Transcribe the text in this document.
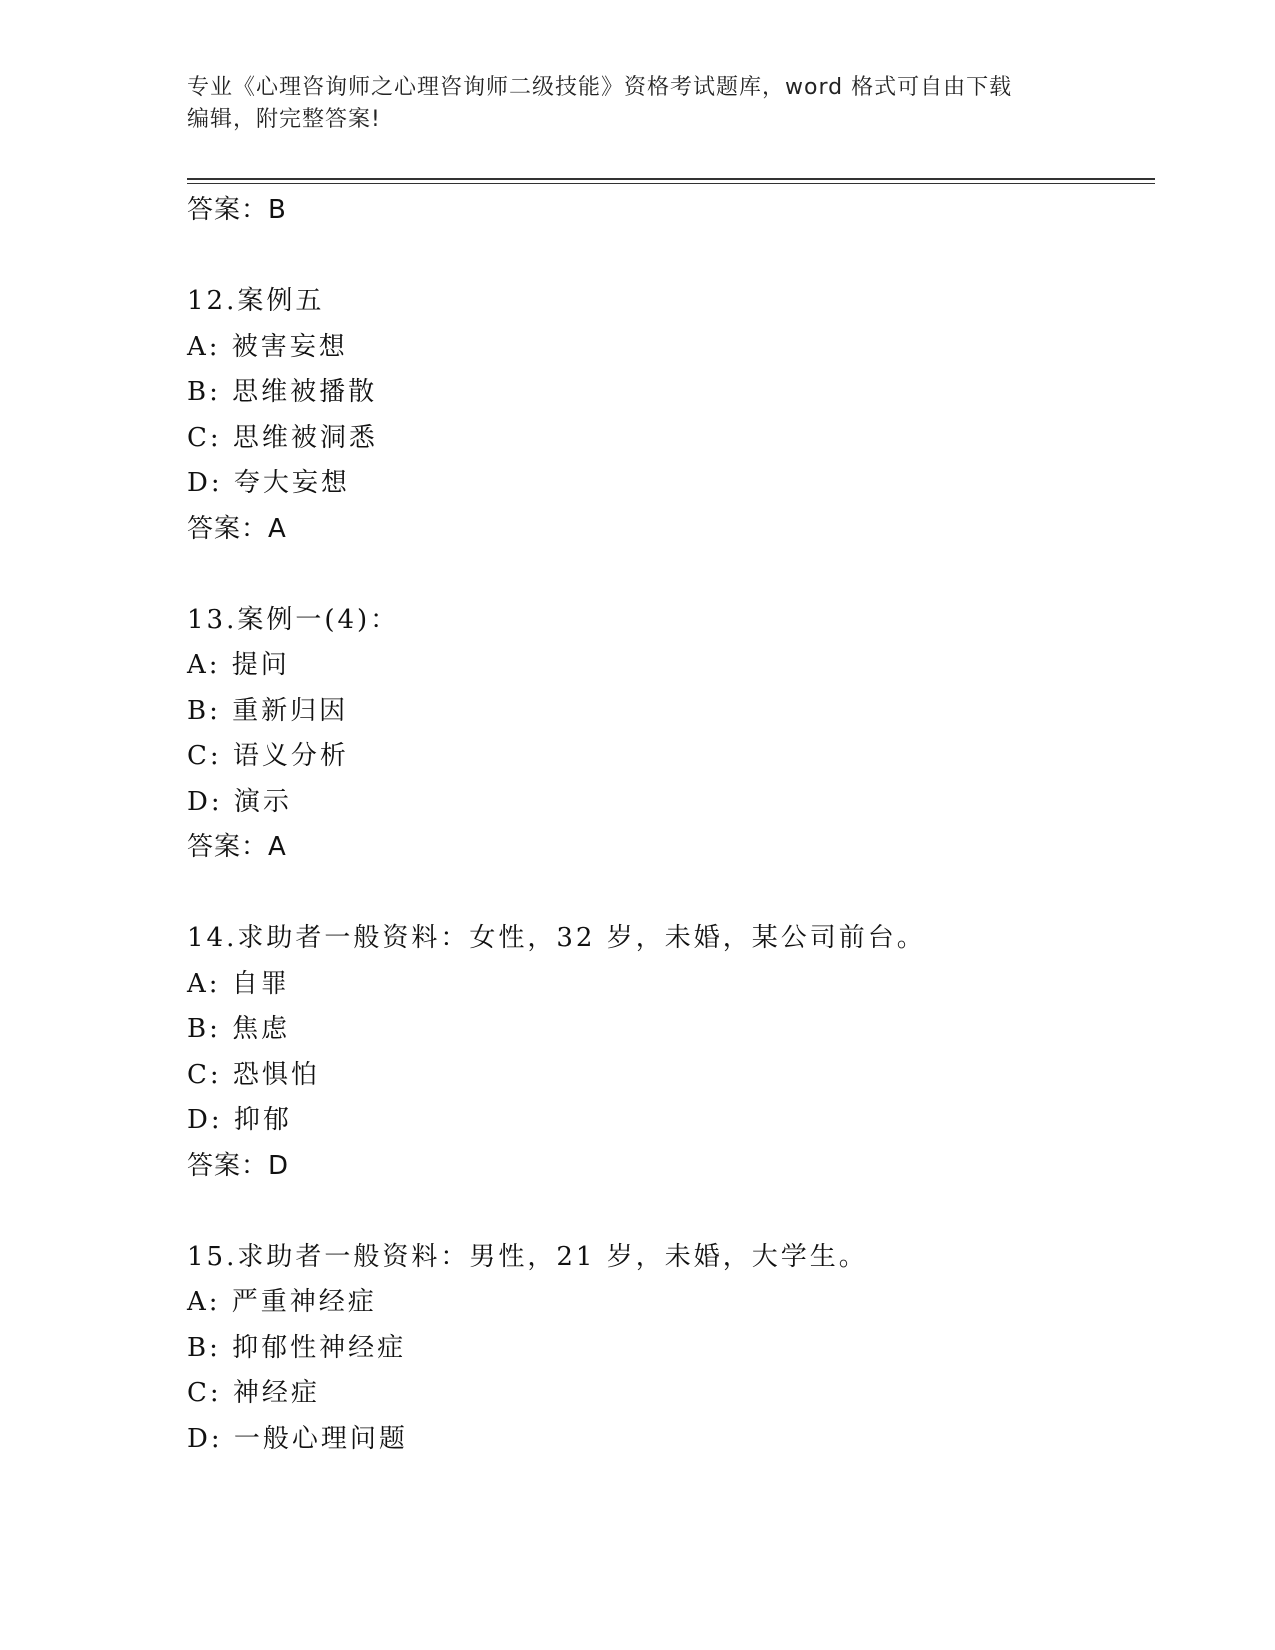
专业《心理咨询师之心理咨询师二级技能》资格考试题库，word 格式可自由下载
编辑，附完整答案!
答案：B
12.案例五
A: 被害妄想
B: 思维被播散
C: 思维被洞悉
D: 夸大妄想
答案：A
13.案例一(4)：
A: 提问
B: 重新归因
C: 语义分析
D: 演示
答案：A
14.求助者一般资料：女性，32 岁，未婚，某公司前台。
A: 自罪
B: 焦虑
C: 恐惧怕
D: 抑郁
答案：D
15.求助者一般资料：男性，21 岁，未婚，大学生。
A: 严重神经症
B: 抑郁性神经症
C: 神经症
D: 一般心理问题
